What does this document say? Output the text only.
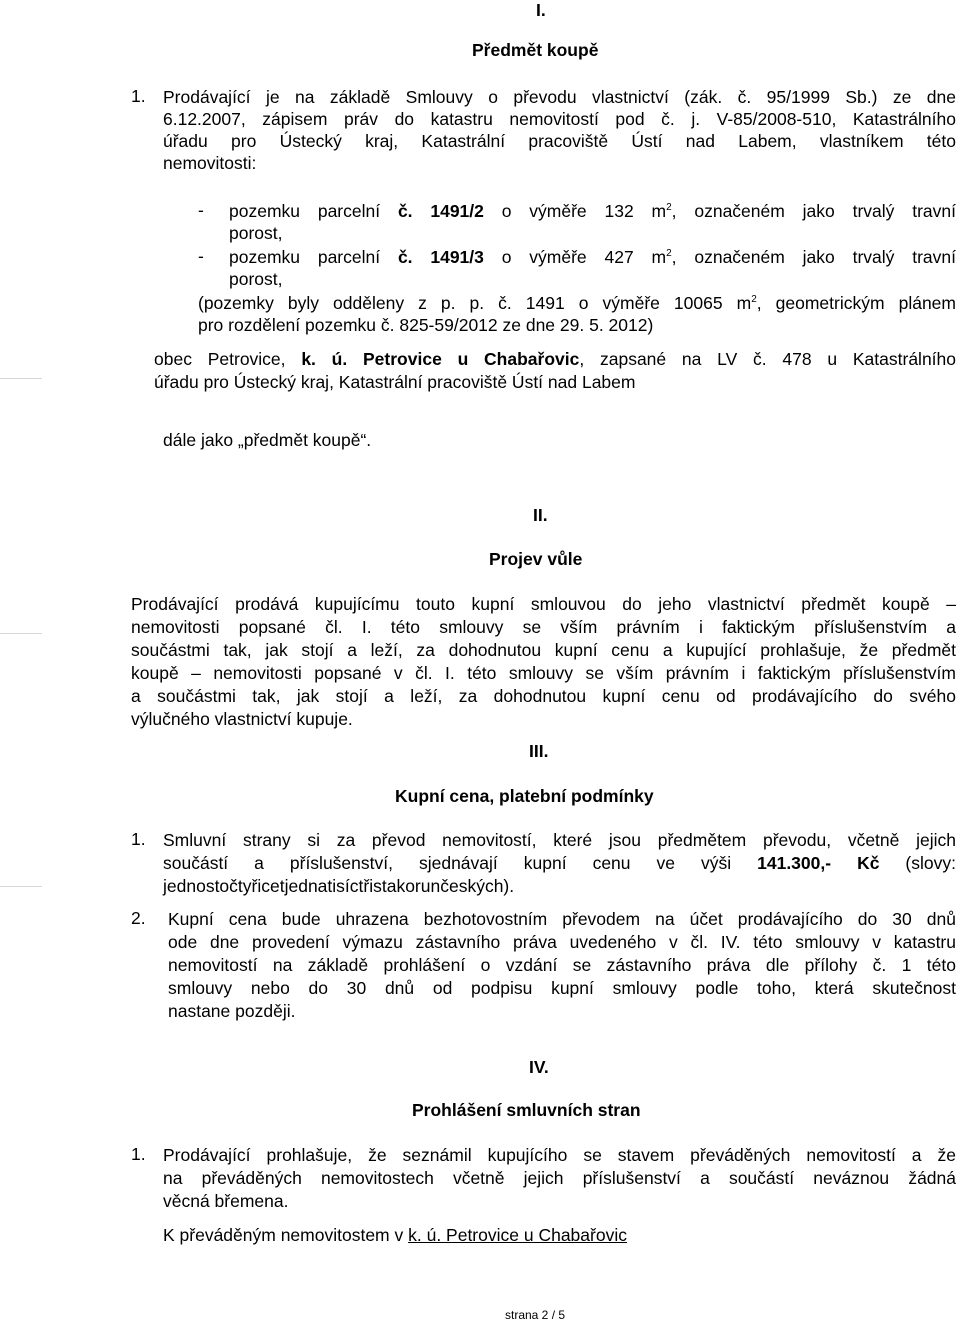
I.
Předmět koupě
1. Prodávající je na základě Smlouvy o převodu vlastnictví (zák. č. 95/1999 Sb.) ze dne
6.12.2007, zápisem práv do katastru nemovitostí pod č. j. V-85/2008-510, Katastrálního
úřadu pro Ústecký kraj, Katastrální pracoviště Ústí nad Labem, vlastníkem této
nemovitosti:
- pozemku parcelní č. 1491/2 o výměře 132 $m^2$, označeném jako trvalý travní
porost,
- pozemku parcelní č. 1491/3 o výměře 427 $m^2$, označeném jako trvalý travní
porost,
(pozemky byly odděleny z p. p. č. 1491 o výměře 10065 $m^2$, geometrickým plánem
pro rozdělení pozemku č. 825-59/2012 ze dne 29. 5. 2012)
obec Petrovice, k. ú. Petrovice u Chabařovic, zapsané na LV č. 478 u Katastrálního
úřadu pro Ústecký kraj, Katastrální pracoviště Ústí nad Labem
dále jako „předmět koupě“.
II.
Projev vůle
Prodávající prodává kupujícímu touto kupní smlouvou do jeho vlastnictví předmět koupě –
nemovitosti popsané čl. I. této smlouvy se vším právním i faktickým příslušenstvím a
součástmi tak, jak stojí a leží, za dohodnutou kupní cenu a kupující prohlašuje, že předmět
koupě – nemovitosti popsané v čl. I. této smlouvy se vším právním i faktickým příslušenstvím
a součástmi tak, jak stojí a leží, za dohodnutou kupní cenu od prodávajícího do svého
výlučného vlastnictví kupuje.
III.
Kupní cena, platební podmínky
1. Smluvní strany si za převod nemovitostí, které jsou předmětem převodu, včetně jejich
součástí a příslušenství, sjednávají kupní cenu ve výši 141.300,- Kč (slovy:
jednostočtyřicetjednatisíctřistakorunčeských).
2. Kupní cena bude uhrazena bezhotovostním převodem na účet prodávajícího do 30 dnů
ode dne provedení výmazu zástavního práva uvedeného v čl. IV. této smlouvy v katastru
nemovitostí na základě prohlášení o vzdání se zástavního práva dle přílohy č. 1 této
smlouvy nebo do 30 dnů od podpisu kupní smlouvy podle toho, která skutečnost
nastane později.
IV.
Prohlášení smluvních stran
1. Prodávající prohlašuje, že seznámil kupujícího se stavem převáděných nemovitostí a že
na převáděných nemovitostech včetně jejich příslušenství a součástí neváznou žádná
věcná břemena.
K převáděným nemovitostem v k. ú. Petrovice u Chabařovic
strana 2 / 5
